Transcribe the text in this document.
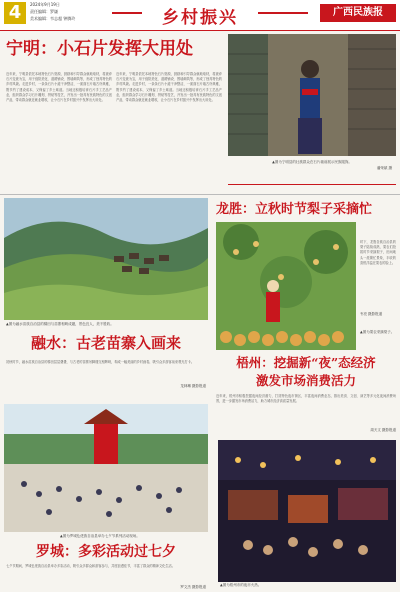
4	2024年9月19日
责任编辑：罗谦
美术编辑：韦志超 钟腾玲	乡村振兴	广西民族报
宁明：小石片发挥大用处
近年来，宁明县依托本地特色石片资源，鼓励和引导群众就地取材，将废弃石片变废为宝，用于庭院美化、道路铺设、围墙砌筑等，形成了独具特色的乡村风貌。走进乡村，一条条石片小道干净整洁，一面面石片墙古朴典雅，既节约了建设成本，又保留了乡土味道。当地还积极培育石片手工艺品产业，组织群众学习石片雕刻、拼贴等技艺，开发出一批具有民族特色的文创产品，带动群众就近就业增收，让小石片在乡村振兴中发挥出大用处。
近年来，宁明县依托本地特色石片资源，鼓励和引导群众就地取材，将废弃石片变废为宝，用于庭院美化、道路铺设、围墙砌筑等，形成了独具特色的乡村风貌。走进乡村，一条条石片小道干净整洁，一面面石片墙古朴典雅，既节约了建设成本，又保留了乡土味道。当地还积极培育石片手工艺品产业，组织群众学习石片雕刻、拼贴等技艺，开发出一批具有民族特色的文创产品，带动群众就近就业增收，让小石片在乡村振兴中发挥出大用处。
▲图为宁明县的壮族群众在石片墙前展示民族服饰。
潘荣斌 摄
▲图为融水苗族自治县的梯田与苗寨相映成趣，景色宜人，美不胜收。
融水：古老苗寨入画来
初秋时节，融水苗族自治县的梯田层层叠叠，与古老的苗寨吊脚楼交相辉映，构成一幅美丽的乡村画卷，吸引众多游客前来观光打卡。
龙林琳 摄影报道
龙胜：立秋时节梨子采摘忙
时下，龙胜各族自治县的梨子陆续成熟，果农们抢抓时节采摘梨子，田间地头一派繁忙景象，丰收的喜悦洋溢在果农的脸上。
韦亮 摄影报道
▲图为果农采摘梨子。
梧州：挖掘新“夜”态经济
激发市场消费活力
近年来，梧州市积极挖掘夜间经济潜力，打造特色夜市街区，丰富夜间消费业态，推出美食、文创、演艺等多元化夜间消费场景，进一步激发市场消费活力，助力城市经济高质量发展。
周天文 摄影报道
▲图为梧州市的夜市火热。
▲图为罗城仫佬族自治县举办七夕节系列活动现场。
罗城：多彩活动过七夕
七夕节期间，罗城仫佬族自治县举办多彩活动，吸引众多群众和游客参与，共度浪漫佳节，丰富了群众的精神文化生活。
罗文杰 摄影报道
